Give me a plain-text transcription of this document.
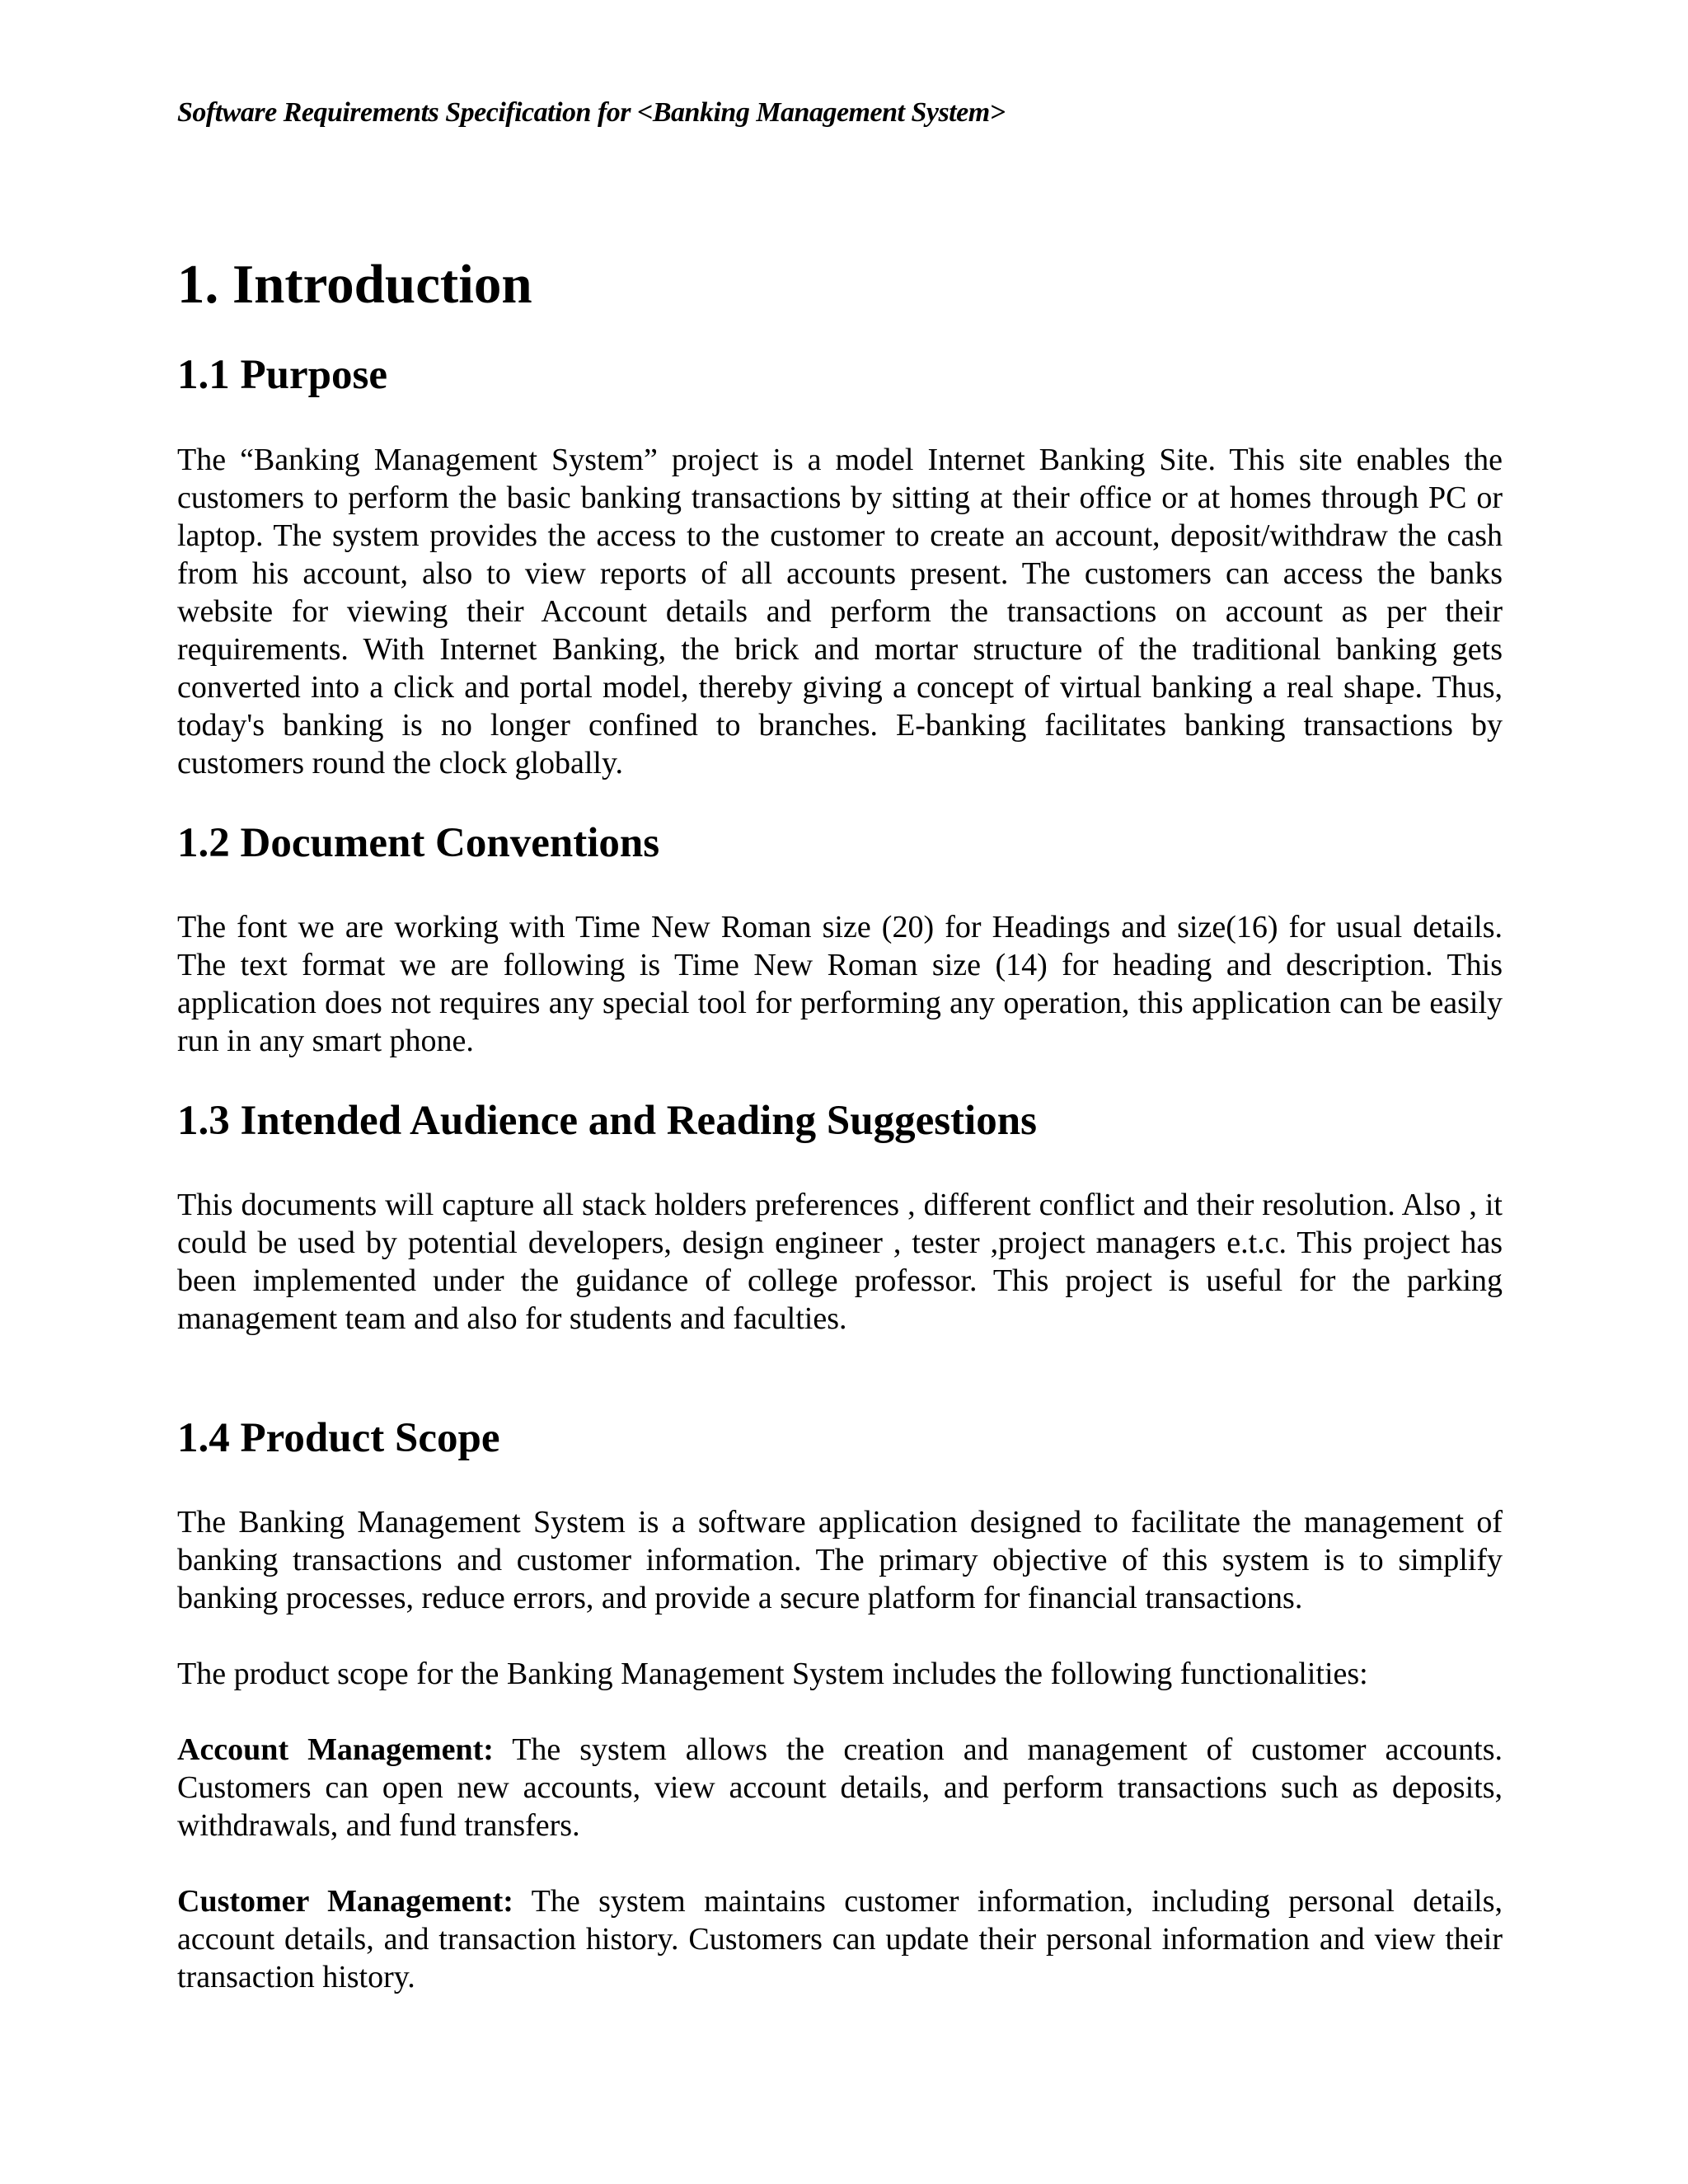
Software Requirements Specification for <Banking Management System>
1. Introduction
1.1 Purpose

The “Banking Management System” project is a model Internet Banking Site. This site enables the customers to perform the basic banking transactions by sitting at their office or at homes through PC or laptop. The system provides the access to the customer to create an account, deposit/withdraw the cash from his account, also to view reports of all accounts present. The customers can access the banks website for viewing their Account details and perform the transactions on account as per their requirements. With Internet Banking, the brick and mortar structure of the traditional banking gets converted into a click and portal model, thereby giving a concept of virtual banking a real shape. Thus, today's banking is no longer confined to branches. E-banking facilitates banking transactions by customers round the clock globally.

1.2 Document Conventions

The font we are working with Time New Roman size (20) for Headings and size(16) for usual details. The text format we are following is Time New Roman size (14) for heading and description. This application does not requires any special tool for performing any operation, this application can be easily run in any smart phone.

1.3 Intended Audience and Reading Suggestions

This documents will capture all stack holders preferences , different conflict and their resolution. Also , it could be used by potential developers, design engineer , tester ,project managers e.t.c. This project has been implemented under the guidance of college professor. This project is useful for the parking management team and also for students and faculties.

1.4 Product Scope

The Banking Management System is a software application designed to facilitate the management of banking transactions and customer information. The primary objective of this system is to simplify banking processes, reduce errors, and provide a secure platform for financial transactions.

The product scope for the Banking Management System includes the following functionalities:

Account Management: The system allows the creation and management of customer accounts. Customers can open new accounts, view account details, and perform transactions such as deposits, withdrawals, and fund transfers.

Customer Management: The system maintains customer information, including personal details, account details, and transaction history. Customers can update their personal information and view their transaction history.
